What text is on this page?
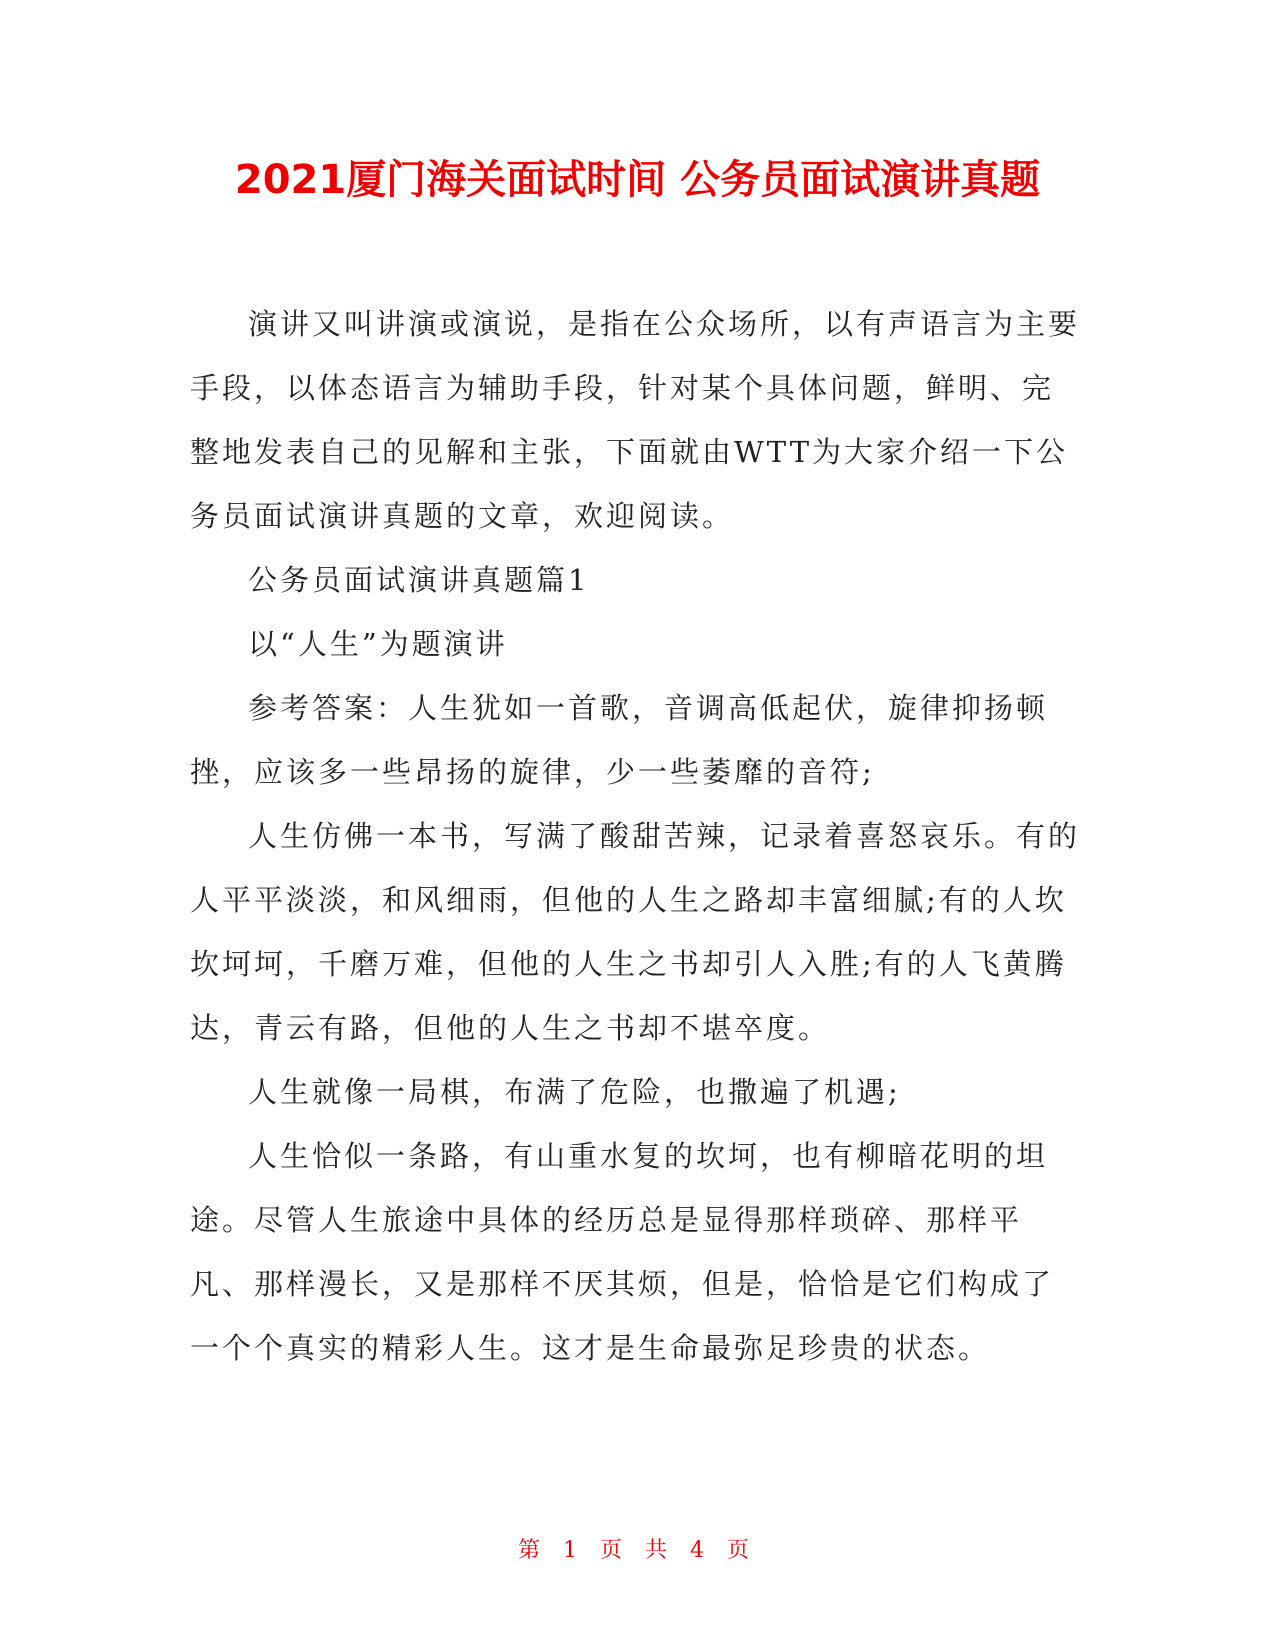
2021厦门海关面试时间 公务员面试演讲真题

演讲又叫讲演或演说，是指在公众场所，以有声语言为主要手段，以体态语言为辅助手段，针对某个具体问题，鲜明、完整地发表自己的见解和主张，下面就由WTT为大家介绍一下公务员面试演讲真题的文章，欢迎阅读。

公务员面试演讲真题篇1

以“人生”为题演讲

参考答案：人生犹如一首歌，音调高低起伏，旋律抑扬顿挫，应该多一些昂扬的旋律，少一些萎靡的音符;

人生仿佛一本书，写满了酸甜苦辣，记录着喜怒哀乐。有的人平平淡淡，和风细雨，但他的人生之路却丰富细腻;有的人坎坎坷坷，千磨万难，但他的人生之书却引人入胜;有的人飞黄腾达，青云有路，但他的人生之书却不堪卒度。

人生就像一局棋，布满了危险，也撒遍了机遇;

人生恰似一条路，有山重水复的坎坷，也有柳暗花明的坦途。尽管人生旅途中具体的经历总是显得那样琐碎、那样平凡、那样漫长，又是那样不厌其烦，但是，恰恰是它们构成了一个个真实的精彩人生。这才是生命最弥足珍贵的状态。

第 1 页 共 4 页
